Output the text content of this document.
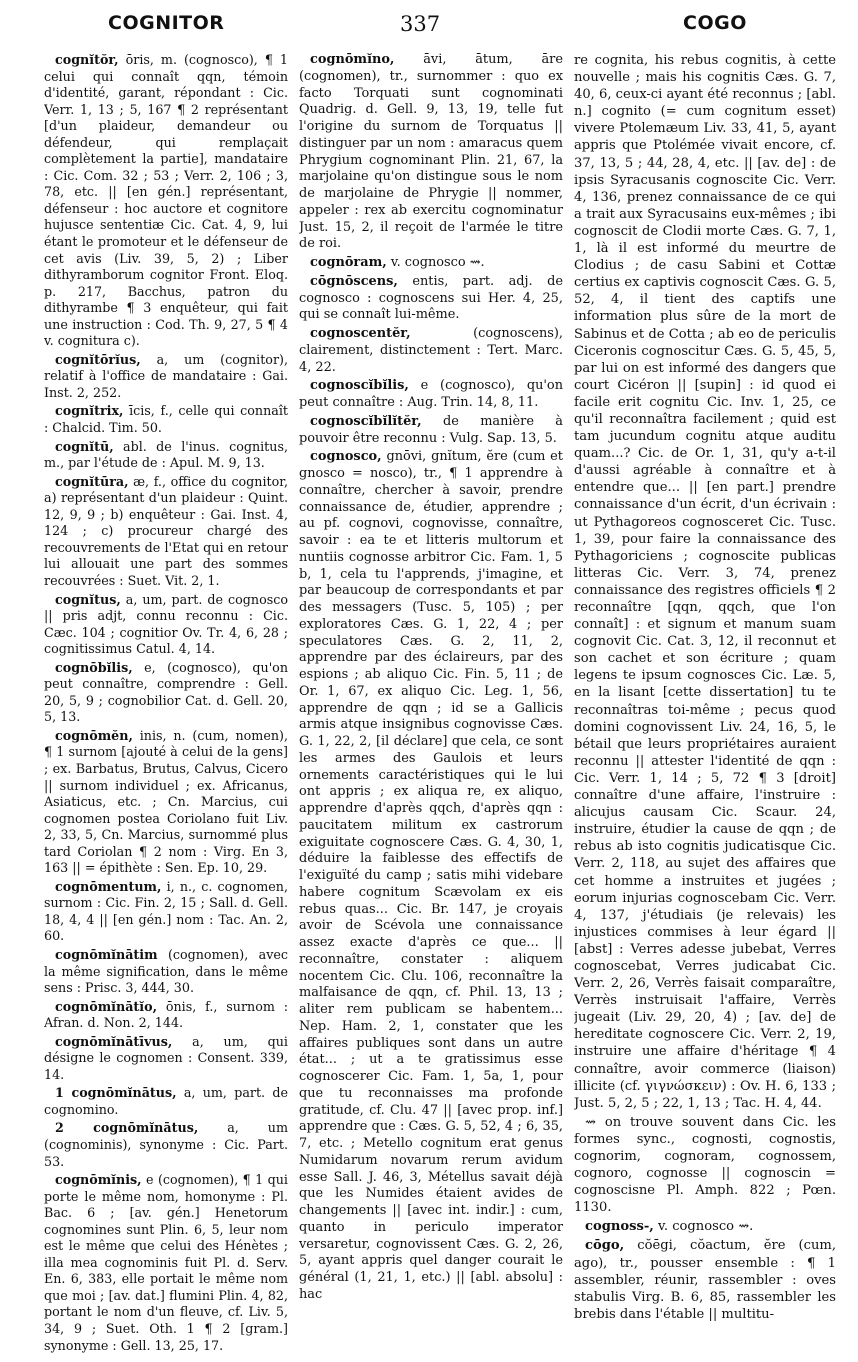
COGNITOR	337	COGO

cognĭtŏr, ōris, m. (cognosco), ¶ 1 celui qui connaît qqn, témoin d'identité, garant, répondant : Cic. Verr. 1, 13 ; 5, 167 ¶ 2 représentant [d'un plaideur, demandeur ou défendeur, qui remplaçait complètement la partie], mandataire : Cic. Com. 32 ; 53 ; Verr. 2, 106 ; 3, 78, etc. || [en gén.] représentant, défenseur : hoc auctore et cognitore hujusce sententiæ Cic. Cat. 4, 9, lui étant le promoteur et le défenseur de cet avis (Liv. 39, 5, 2) ; Liber dithyramborum cognitor Front. Eloq. p. 217, Bacchus, patron du dithyrambe ¶ 3 enquêteur, qui fait une instruction : Cod. Th. 9, 27, 5 ¶ 4 v. cognitura c).

cognĭtōrĭus, a, um (cognitor), relatif à l'office de mandataire : Gai. Inst. 2, 252.

cognĭtrix, īcis, f., celle qui connaît : Chalcid. Tim. 50.

cognĭtū, abl. de l'inus. cognitus, m., par l'étude de : Apul. M. 9, 13.

cognĭtūra, æ, f., office du cognitor, a) représentant d'un plaideur : Quint. 12, 9, 9 ; b) enquêteur : Gai. Inst. 4, 124 ; c) procureur chargé des recouvrements de l'Etat qui en retour lui allouait une part des sommes recouvrées : Suet. Vit. 2, 1.

cognĭtus, a, um, part. de cognosco || pris adjt, connu reconnu : Cic. Cæc. 104 ; cognitior Ov. Tr. 4, 6, 28 ; cognitissimus Catul. 4, 14.

cognōbĭlis, e, (cognosco), qu'on peut connaître, comprendre : Gell. 20, 5, 9 ; cognobilior Cat. d. Gell. 20, 5, 13.

cognōmĕn, inis, n. (cum, nomen), ¶ 1 surnom [ajouté à celui de la gens] ; ex. Barbatus, Brutus, Calvus, Cicero || surnom individuel ; ex. Africanus, Asiaticus, etc. ; Cn. Marcius, cui cognomen postea Coriolano fuit Liv. 2, 33, 5, Cn. Marcius, surnommé plus tard Coriolan ¶ 2 nom : Virg. En 3, 163 || = épithète : Sen. Ep. 10, 29.

cognōmentum, i, n., c. cognomen, surnom : Cic. Fin. 2, 15 ; Sall. d. Gell. 18, 4, 4 || [en gén.] nom : Tac. An. 2, 60.

cognōmĭnātim (cognomen), avec la même signification, dans le même sens : Prisc. 3, 444, 30.

cognōmĭnātĭo, ōnis, f., surnom : Afran. d. Non. 2, 144.

cognōmĭnātīvus, a, um, qui désigne le cognomen : Consent. 339, 14.

1 cognōmĭnātus, a, um, part. de cognomino.

2 cognōmĭnātus, a, um (cognominis), synonyme : Cic. Part. 53.

cognōmĭnis, e (cognomen), ¶ 1 qui porte le même nom, homonyme : Pl. Bac. 6 ; [av. gén.] Henetorum cognomines sunt Plin. 6, 5, leur nom est le même que celui des Hénètes ; illa mea cognominis fuit Pl. d. Serv. En. 6, 383, elle portait le même nom que moi ; [av. dat.] flumini Plin. 4, 82, portant le nom d'un fleuve, cf. Liv. 5, 34, 9 ; Suet. Oth. 1 ¶ 2 [gram.] synonyme : Gell. 13, 25, 17.

cognōmĭno, āvi, ātum, āre (cognomen), tr., surnommer : quo ex facto Torquati sunt cognominati Quadrig. d. Gell. 9, 13, 19, telle fut l'origine du surnom de Torquatus || distinguer par un nom : amaracus quem Phrygium cognominant Plin. 21, 67, la marjolaine qu'on distingue sous le nom de marjolaine de Phrygie || nommer, appeler : rex ab exercitu cognominatur Just. 15, 2, il reçoit de l'armée le titre de roi.

cognōram, v. cognosco ⇝.

cōgnōscens, entis, part. adj. de cognosco : cognoscens sui Her. 4, 25, qui se connaît lui-même.

cognoscentĕr,	(cognoscens), clairement, distinctement : Tert. Marc. 4, 22.

cognoscĭbĭlis, e (cognosco), qu'on peut connaître : Aug. Trin. 14, 8, 11.

cognoscĭbĭlĭtĕr, de manière à pouvoir être reconnu : Vulg. Sap. 13, 5.

cognosco, gnōvi, gnĭtum, ĕre (cum et gnosco = nosco), tr., ¶ 1 apprendre à connaître, chercher à savoir, prendre connaissance de, étudier, apprendre ; au pf. cognovi, cognovisse, connaître, savoir : ea te et litteris multorum et nuntiis cognosse arbitror Cic. Fam. 1, 5 b, 1, cela tu l'apprends, j'imagine, et par beaucoup de correspondants et par des messagers (Tusc. 5, 105) ; per exploratores Cæs. G. 1, 22, 4 ; per speculatores Cæs. G. 2, 11, 2, apprendre par des éclaireurs, par des espions ; ab aliquo Cic. Fin. 5, 11 ; de Or. 1, 67, ex aliquo Cic. Leg. 1, 56, apprendre de qqn ; id se a Gallicis armis atque insignibus cognovisse Cæs. G. 1, 22, 2, [il déclare] que cela, ce sont les armes des Gaulois et leurs ornements caractéristiques qui le lui ont appris ; ex aliqua re, ex aliquo, apprendre d'après qqch, d'après qqn : paucitatem militum ex castrorum exiguitate cognoscere Cæs. G. 4, 30, 1, déduire la faiblesse des effectifs de l'exiguïté du camp ; satis mihi videbare habere cognitum Scævolam ex eis rebus quas... Cic. Br. 147, je croyais avoir de Scévola une connaissance assez exacte d'après ce que... || reconnaître, constater : aliquem nocentem Cic. Clu. 106, reconnaître la malfaisance de qqn, cf. Phil. 13, 13 ; aliter rem publicam se habentem... Nep. Ham. 2, 1, constater que les affaires publiques sont dans un autre état... ; ut a te gratissimus esse cognoscerer Cic. Fam. 1, 5a, 1, pour que tu reconnaisses ma profonde gratitude, cf. Clu. 47 || [avec prop. inf.] apprendre que : Cæs. G. 5, 52, 4 ; 6, 35, 7, etc. ; Metello cognitum erat genus Numidarum novarum rerum avidum esse Sall. J. 46, 3, Métellus savait déjà que les Numides étaient avides de changements || [avec int. indir.] : cum, quanto in periculo imperator versaretur, cognovissent Cæs. G. 2, 26, 5, ayant appris quel danger courait le général (1, 21, 1, etc.) || [abl. absolu] : hac

re cognita, his rebus cognitis, à cette nouvelle ; mais his cognitis Cæs. G. 7, 40, 6, ceux-ci ayant été reconnus ; [abl. n.] cognito (= cum cognitum esset) vivere Ptolemæum Liv. 33, 41, 5, ayant appris que Ptolémée vivait encore, cf. 37, 13, 5 ; 44, 28, 4, etc. || [av. de] : de ipsis Syracusanis cognoscite Cic. Verr. 4, 136, prenez connaissance de ce qui a trait aux Syracusains eux-mêmes ; ibi cognoscit de Clodii morte Cæs. G. 7, 1, 1, là il est informé du meurtre de Clodius ; de casu Sabini et Cottæ certius ex captivis cognoscit Cæs. G. 5, 52, 4, il tient des captifs une information plus sûre de la mort de Sabinus et de Cotta ; ab eo de periculis Ciceronis cognoscitur Cæs. G. 5, 45, 5, par lui on est informé des dangers que court Cicéron || [supin] : id quod ei facile erit cognitu Cic. Inv. 1, 25, ce qu'il reconnaîtra facilement ; quid est tam jucundum cognitu atque auditu quam...? Cic. de Or. 1, 31, qu'y a-t-il d'aussi agréable à connaître et à entendre que... || [en part.] prendre connaissance d'un écrit, d'un écrivain : ut Pythagoreos cognosceret Cic. Tusc. 1, 39, pour faire la connaissance des Pythagoriciens ; cognoscite publicas litteras Cic. Verr. 3, 74, prenez connaissance des registres officiels ¶ 2 reconnaître [qqn, qqch, que l'on connaît] : et signum et manum suam cognovit Cic. Cat. 3, 12, il reconnut et son cachet et son écriture ; quam legens te ipsum cognosces Cic. Læ. 5, en la lisant [cette dissertation] tu te reconnaîtras toi-même ; pecus quod domini cognovissent Liv. 24, 16, 5, le bétail que leurs propriétaires auraient reconnu || attester l'identité de qqn : Cic. Verr. 1, 14 ; 5, 72 ¶ 3 [droit] connaître d'une affaire, l'instruire : alicujus causam Cic. Scaur. 24, instruire, étudier la cause de qqn ; de rebus ab isto cognitis judicatisque Cic. Verr. 2, 118, au sujet des affaires que cet homme a instruites et jugées ; eorum injurias cognoscebam Cic. Verr. 4, 137, j'étudiais (je relevais) les injustices commises à leur égard || [abst] : Verres adesse jubebat, Verres cognoscebat, Verres judicabat Cic. Verr. 2, 26, Verrès faisait comparaître, Verrès instruisait l'affaire, Verrès jugeait (Liv. 29, 20, 4) ; [av. de] de hereditate cognoscere Cic. Verr. 2, 19, instruire une affaire d'héritage ¶ 4 connaître, avoir commerce (liaison) illicite (cf. γιγνώσκειν) : Ov. H. 6, 133 ; Just. 5, 2, 5 ; 22, 1, 13 ; Tac. H. 4, 44.

⇝ on trouve souvent dans Cic. les formes sync., cognosti, cognostis, cognorim, cognoram, cognossem, cognoro, cognosse || cognoscin = cognoscisne Pl. Amph. 822 ; Pœn. 1130.

cognoss-, v. cognosco ⇝.

cōgo, cŏēgi, cŏactum, ĕre (cum, ago), tr., pousser ensemble : ¶ 1 assembler, réunir, rassembler : oves stabulis Virg. B. 6, 85, rassembler les brebis dans l'étable || multitu-
